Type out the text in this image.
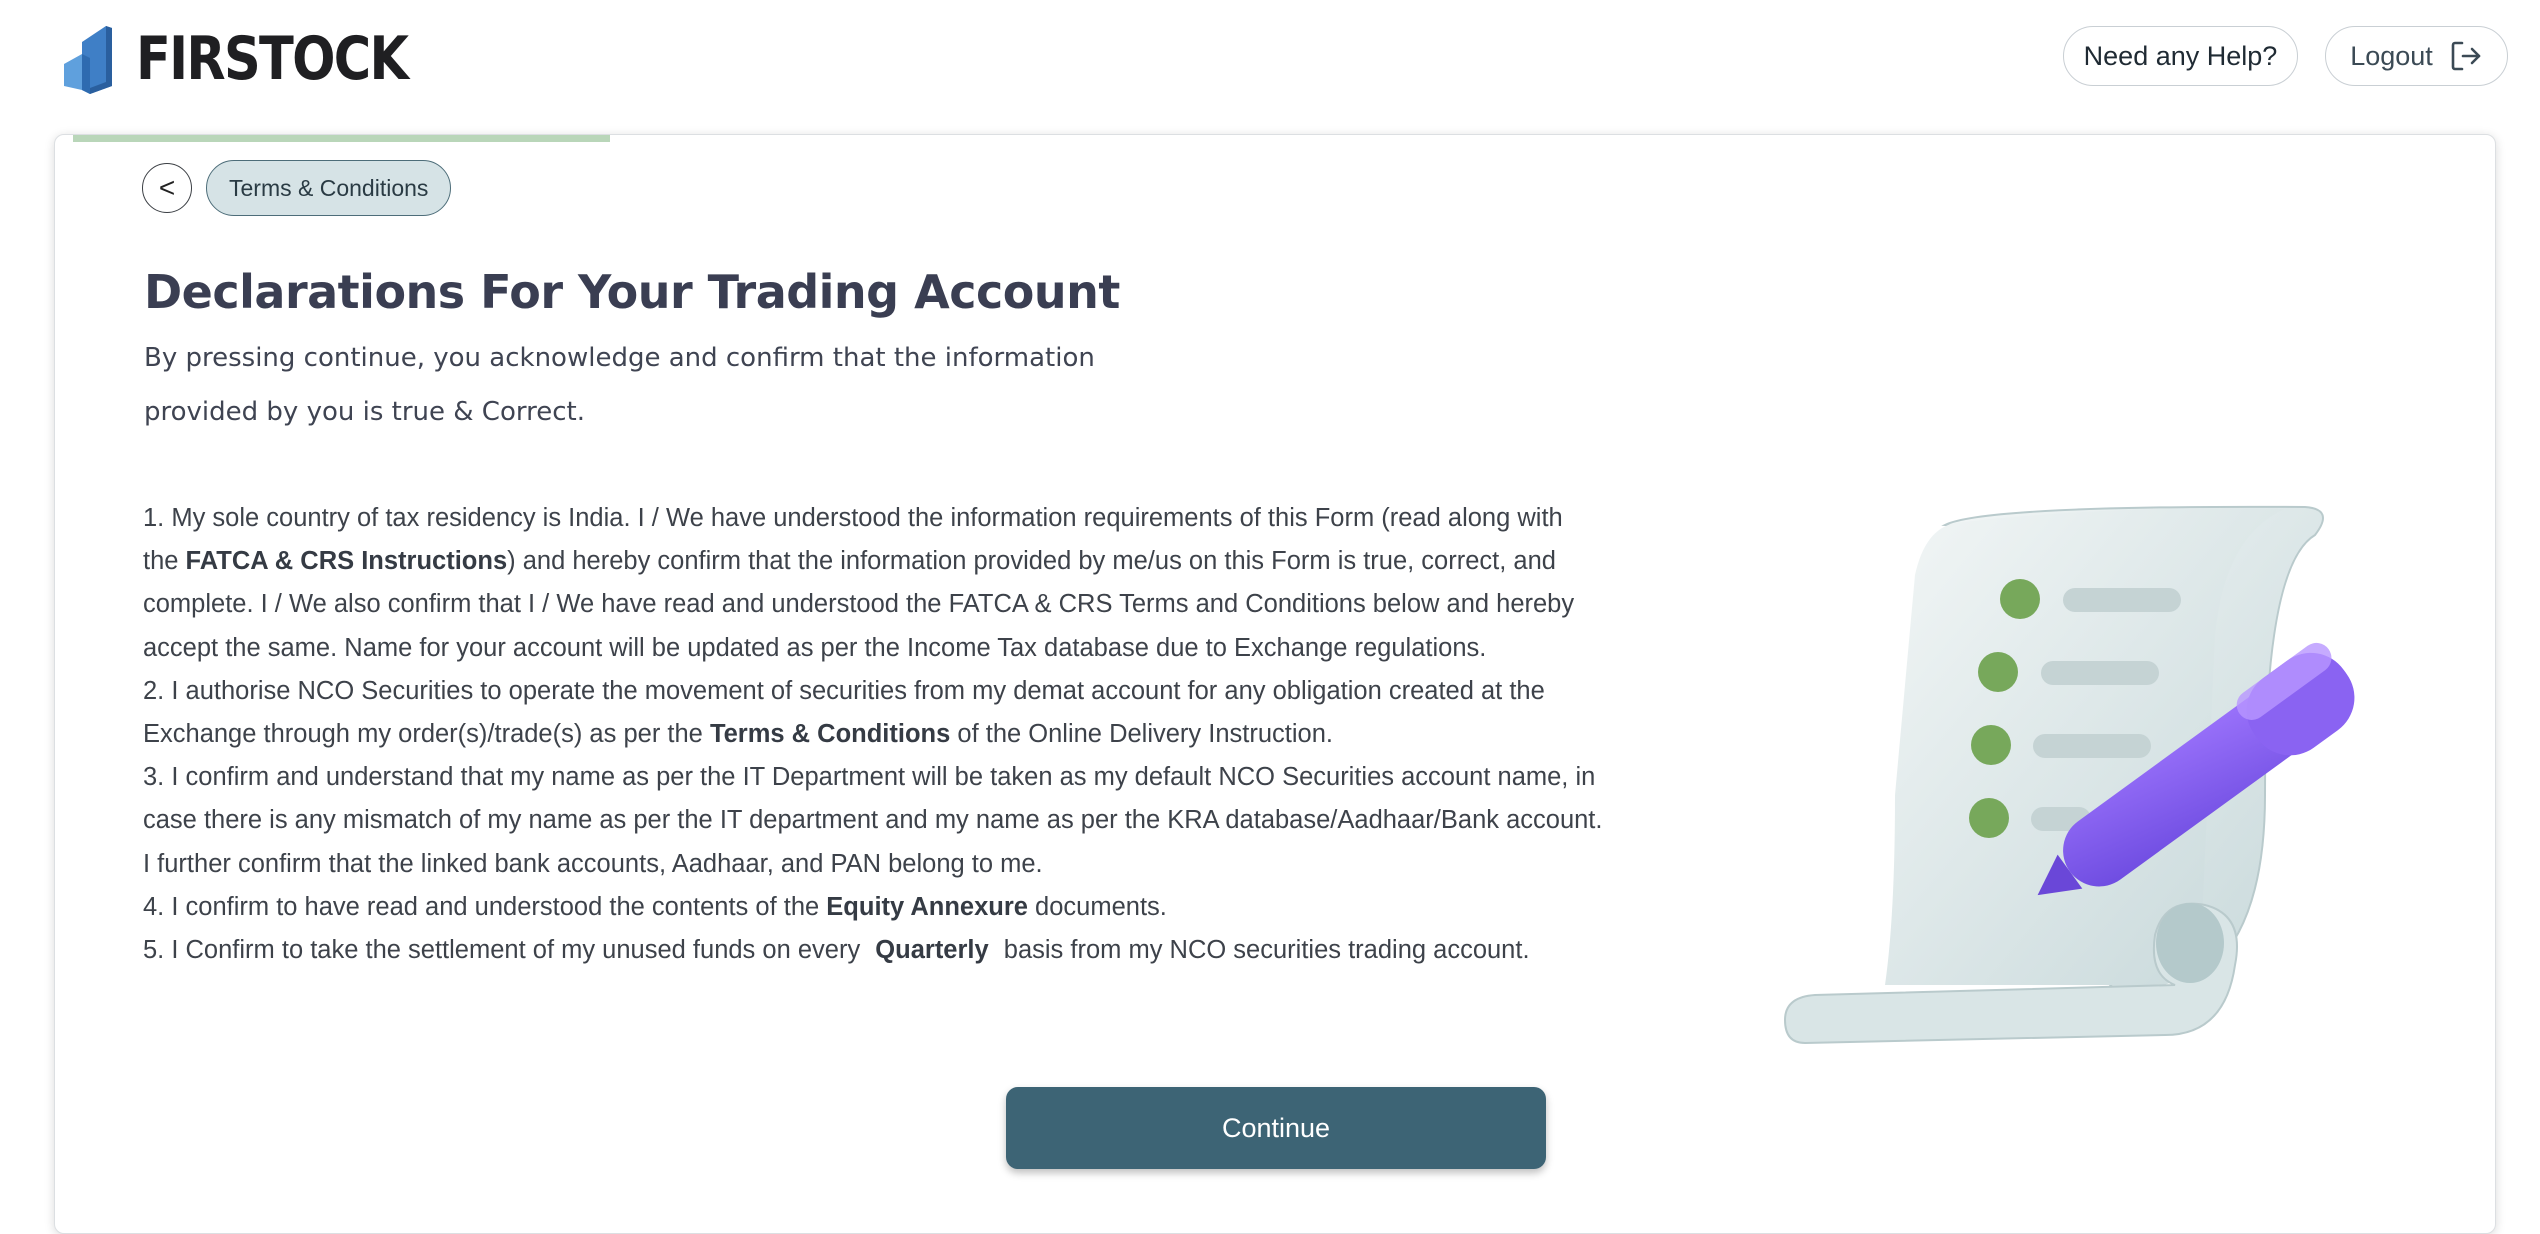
FIRSTOCK	Need any Help?	Logout
< Terms & Conditions
Declarations For Your Trading Account
By pressing continue, you acknowledge and confirm that the information
provided by you is true & Correct.

1. My sole country of tax residency is India. I / We have understood the information requirements of this Form (read along with the FATCA & CRS Instructions) and hereby confirm that the information provided by me/us on this Form is true, correct, and complete. I / We also confirm that I / We have read and understood the FATCA & CRS Terms and Conditions below and hereby accept the same. Name for your account will be updated as per the Income Tax database due to Exchange regulations.

2. I authorise NCO Securities to operate the movement of securities from my demat account for any obligation created at the Exchange through my order(s)/trade(s) as per the Terms & Conditions of the Online Delivery Instruction.

3. I confirm and understand that my name as per the IT Department will be taken as my default NCO Securities account name, in case there is any mismatch of my name as per the IT department and my name as per the KRA database/Aadhaar/Bank account. I further confirm that the linked bank accounts, Aadhaar, and PAN belong to me.

4. I confirm to have read and understood the contents of the Equity Annexure documents.

5. I Confirm to take the settlement of my unused funds on every Quarterly basis from my NCO securities trading account.

Continue
